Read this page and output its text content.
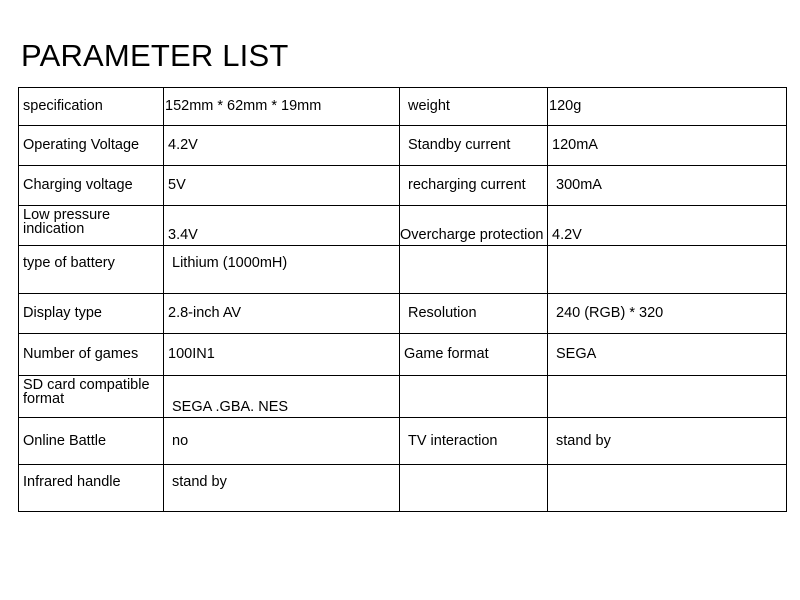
PARAMETER LIST
specification	152mm * 62mm * 19mm	weight	120g
Operating Voltage	4.2V	Standby current	120mA
Charging voltage	5V	recharging current	300mA
Low pressure indication	3.4V	Overcharge protection	4.2V
type of battery	Lithium (1000mH)		
Display type	2.8-inch AV	Resolution	240 (RGB) * 320
Number of games	100IN1	Game format	SEGA
SD card compatible format	SEGA .GBA. NES		
Online Battle	no	TV interaction	stand by
Infrared handle	stand by		
